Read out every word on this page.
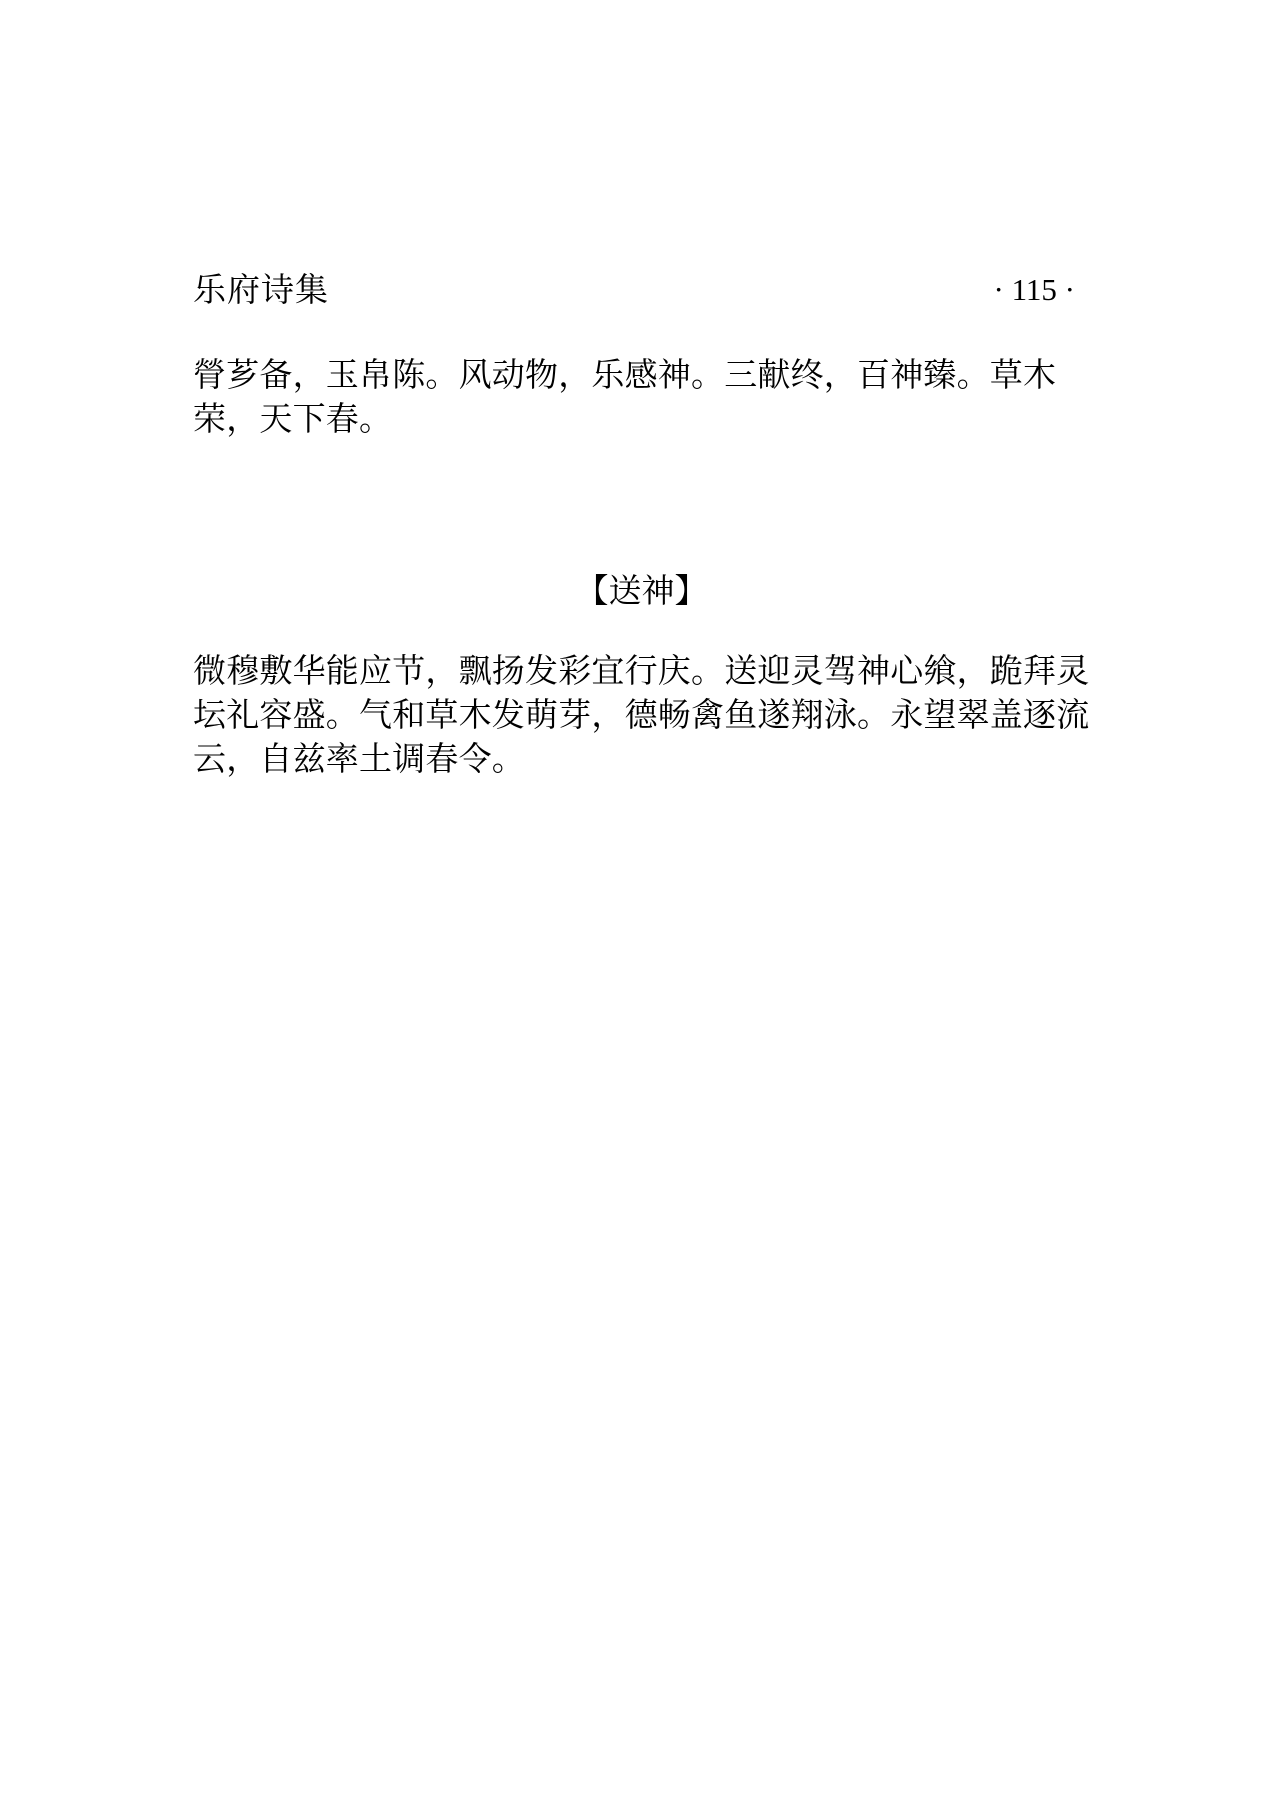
乐府诗集	· 115 ·

膋芗备，玉帛陈。风动物，乐感神。三献终，百神臻。草木荣，天下春。

【送神】

微穆敷华能应节，飘扬发彩宜行庆。送迎灵驾神心飨，跪拜灵坛礼容盛。气和草木发萌芽，德畅禽鱼遂翔泳。永望翠盖逐流云，自兹率土调春令。
